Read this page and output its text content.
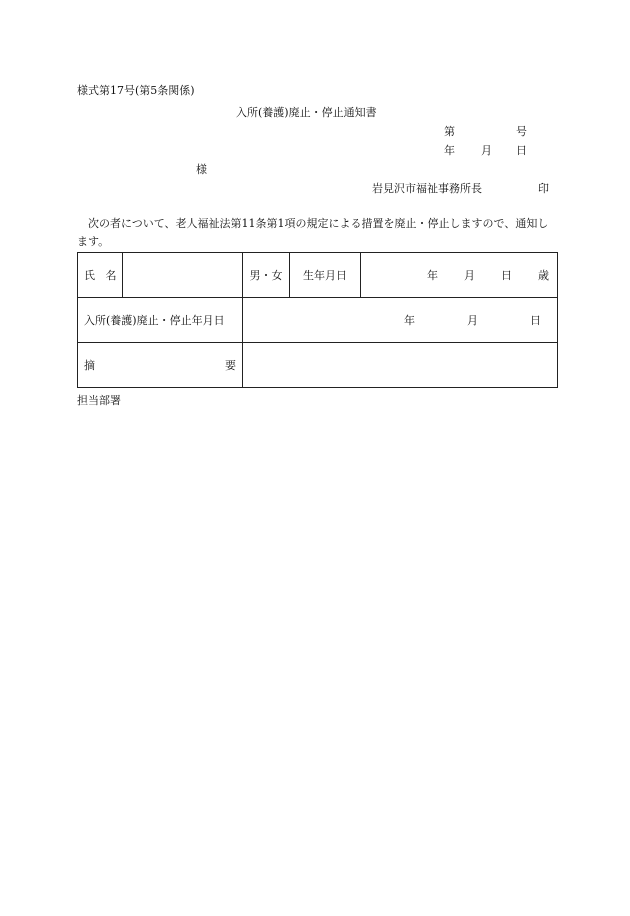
様式第17号(第5条関係)
入所(養護)廃止・停止通知書
第	号
年 月 日
様
岩見沢市福祉事務所長	印
次の者について、老人福祉法第11条第1項の規定による措置を廃止・停止しますので、通知します。
氏 名		男・女	生年月日	年 月 日 歳

入所(養護)廃止・停止年月日		年 月 日		

摘 要				

担当部署
